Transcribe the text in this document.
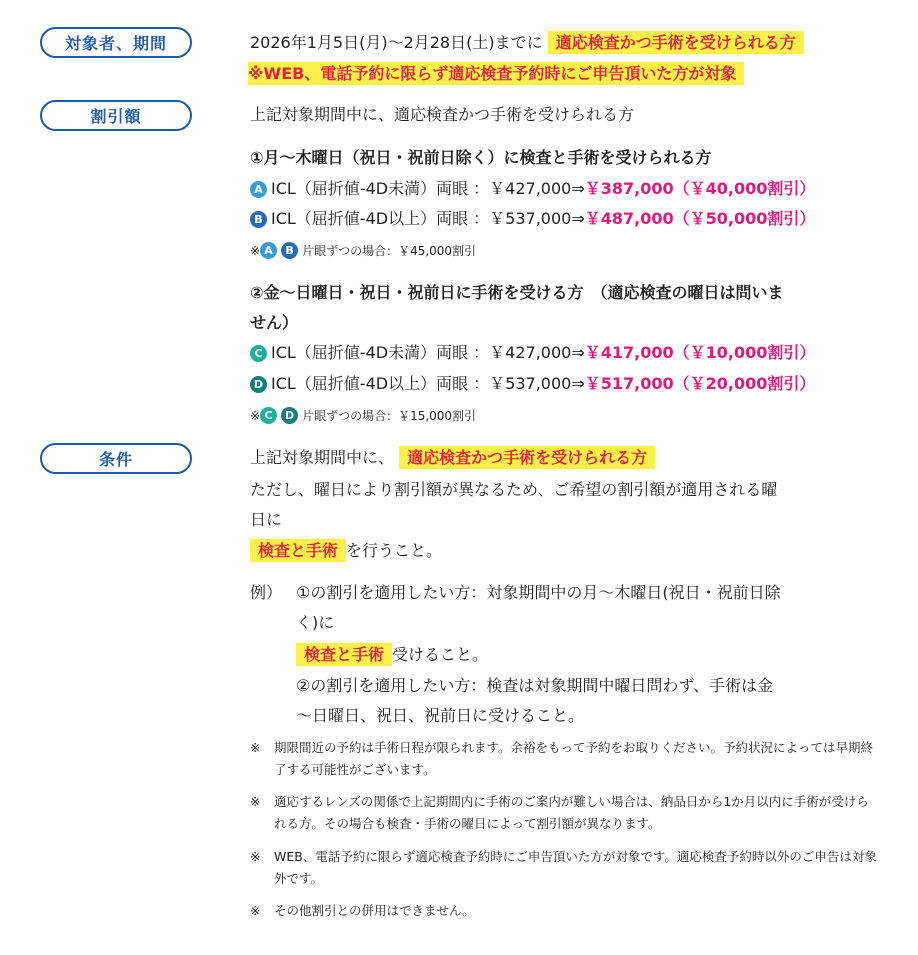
対象者、期間
割引額
条件
2026年1月5日(月)～2月28日(土)までに 適応検査かつ手術を受けられる方
※WEB、電話予約に限らず適応検査予約時にご申告頂いた方が対象
上記対象期間中に、適応検査かつ手術を受けられる方
①月～木曜日（祝日・祝前日除く）に検査と手術を受けられる方
A ICL（屈折値-4D未満）両眼 ：￥427,000⇒￥387,000（￥40,000割引）
B ICL（屈折値-4D以上）両眼 ：￥537,000⇒￥487,000（￥50,000割引）
※ A B 片眼ずつの場合：￥45,000割引
②金～日曜日・祝日・祝前日に手術を受ける方　（適応検査の曜日は問いま
せん）
C ICL（屈折値-4D未満）両眼 ：￥427,000⇒￥417,000（￥10,000割引）
D ICL（屈折値-4D以上）両眼 ：￥537,000⇒￥517,000（￥20,000割引）
※ C D 片眼ずつの場合：￥15,000割引
上記対象期間中に、 適応検査かつ手術を受けられる方
ただし、曜日により割引額が異なるため、ご希望の割引額が適用される曜
日に
検査と手術 を行うこと。
例） ①の割引を適用したい方：対象期間中の月～木曜日(祝日・祝前日除
く)に
検査と手術 受けること。
②の割引を適用したい方：検査は対象期間中曜日問わず、手術は金
～日曜日、祝日、祝前日に受けること。
※ 期限間近の予約は手術日程が限られます。余裕をもって予約をお取りください。予約状況によっては早期終了する可能性がございます。
※ 適応するレンズの関係で上記期間内に手術のご案内が難しい場合は、納品日から1か月以内に手術が受けられる方。その場合も検査・手術の曜日によって割引額が異なります。
※ WEB、電話予約に限らず適応検査予約時にご申告頂いた方が対象です。適応検査予約時以外のご申告は対象外です。
※ その他割引との併用はできません。
